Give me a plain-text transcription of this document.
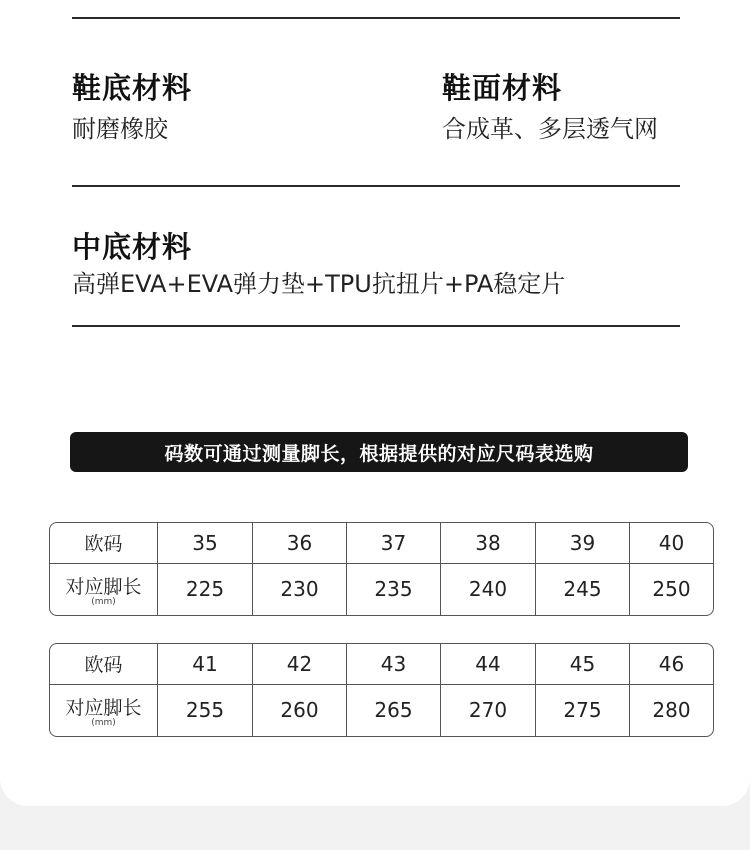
鞋底材料
耐磨橡胶
鞋面材料
合成革、多层透气网
中底材料
高弹EVA+EVA弹力垫+TPU抗扭片+PA稳定片
码数可通过测量脚长，根据提供的对应尺码表选购
欧码	35	36	37	38	39	40
对应脚长
(mm)	225	230	235	240	245	250
欧码	41	42	43	44	45	46
对应脚长
(mm)	255	260	265	270	275	280
